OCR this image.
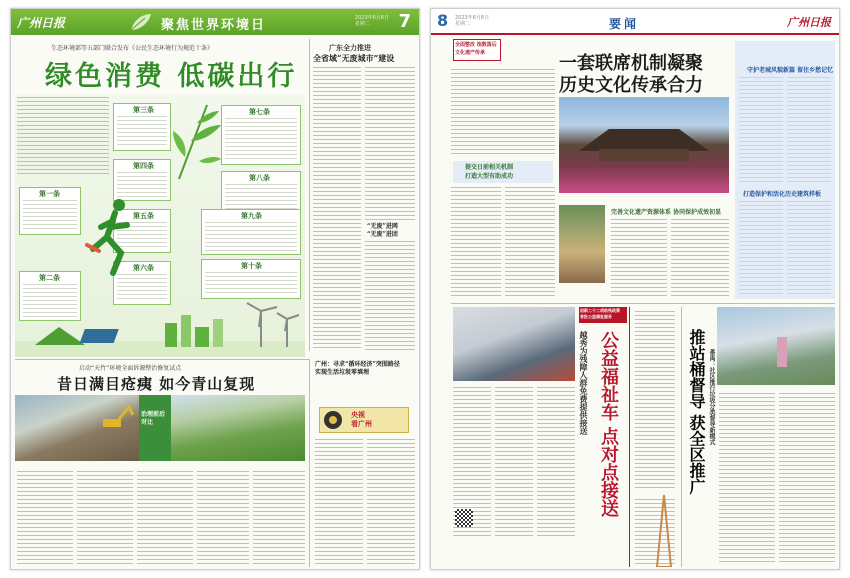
广州日报	聚焦世界环境日	2023年6月6日
星期二	7
生态环境部等五部门联合发布《公民生态环境行为规范十条》
绿色消费 低碳出行
第三条
第四条
第五条
第六条
第一条
第二条
第七条
第八条
第九条
第十条
广东全力推进
全省域“无废城市”建设
“无废”进网
“无废”进团
启动“天竹”环境全面诉源整治修复试点
昔日满目疮痍 如今青山复现
治理前后
对比
广州：寻求“循环经济”突围路径
实现生活垃圾零填埋
央视
看广州
8 2023年6月6日
星期二	要闻	广州日报
全面整改 指数落后
文化遗产传承	一套联席机制凝聚
历史文化传承合力
提交日前相关机制
打造大型有助成功
完善文化遗产资源体系 协同保护成效初显
守护老城风貌新篇 留住乡愁记忆
打造保护和活化历史建筑样板
创新二十二项助残政策
首批公益福祉服务
公益福祉车 点对点接送
越秀为残障人群免费提供接送	推站桶督导 获全区推广 番禺：社区推行垃圾分类督导新模式
